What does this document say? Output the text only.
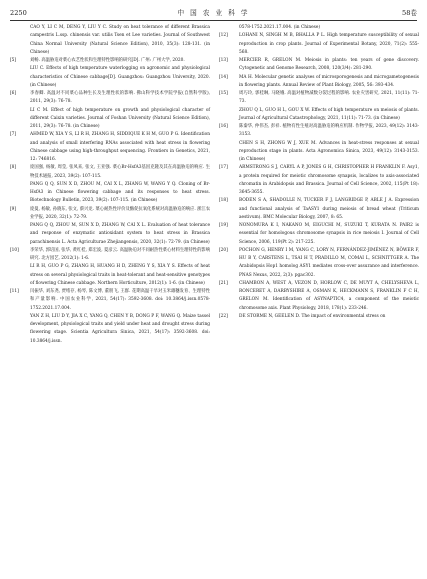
2250	中 国 农 业 科 学	58卷

CAO Y, LI C M, DENG Y, LIU Y C. Study on heat tolerance of different Brassica campestris L.ssp. chinensis var. utilis Tsen et Lee varieties. Journal of Southwest China Normal University (Natural Science Edition), 2010, 35(3): 128-131. (in Chinese)

[5]	刘畅. 高温胁迫对菜心农艺性状和生理特性影响的研究[D]. 广州: 广州大学, 2020.

LIU C. Effects of high temperature waterlogging on agronomic and physiological characteristics of Chinese cabbage[D]. Guangzhou: Guangzhou University, 2020. (in Chinese)

[6]	李春卿. 高温对不同菜心品种生长及生理性状的影响. 佛山科学技术学院学报(自然科学版), 2011, 29(3): 76-78.

LI C M. Effect of high temperature on growth and physiological character of different Caixin varieties. Journal of Foshan University (Natural Science Edition), 2011, 29(3): 76-78. (in Chinese)

[7]	AHMED W, XIA Y S, LI R H, ZHANG H, SIDDIQUE K H M, GUO P G. Identification and analysis of small interfering RNAs associated with heat stress in flowering Chinese cabbage using high-throughput sequencing. Frontiers in Genetics, 2021, 12: 746816.

[8]	庞国强, 杨敏, 周莹, 张凤来, 张文, 王亚强. 菜心Br-HsfA3基因克隆及其在高温胁迫的响应. 生物技术通报, 2023, 39(2): 107-115.

PANG Q Q, SUN X D, ZHOU M, CAI X L, ZHANG W, WANG Y Q. Cloning of Br-HsfA3 in Chinese flowering cabbage and its responses to heat stress. Biotechnology Bulletin, 2023, 39(2): 107-115. (in Chinese)

[9]	庞曼, 杨敏, 孙晓东, 张文, 蔡兴龙. 菜心耐热性评价及酶促抗氧化系统对高温胁迫的响应. 浙江农业学报, 2020, 32(1): 72-79.

PANG Q Q, ZHOU M, SUN X D, ZHANG W, CAI X L. Evaluation of heat tolerance and response of enzymatic antioxidant system to heat stress in Brassica parachinensis L. Acta Agriculturae Zhejiangensis, 2020, 32(1): 72-79. (in Chinese)

[10]	李荣华, 郭培国, 张华, 黄红桂, 郑宏波, 夏彦云. 高温胁迫对不同耐热性菜心材料生理特性的影响研究. 北方园艺, 2012(1): 1-6.

LI R H, GUO P G, ZHANG H, HUANG H D, ZHENG Y S, XIA Y S. Effects of heat stress on several physiological traits in heat-tolerant and heat-sensitive genotypes of flowering Chinese cabbage. Northern Horticulture, 2012(1): 1-6. (in Chinese)

[11]	闫振华, 刘东尧, 贾绪存, 杨琴, 陈文博, 董朋飞, 王群. 花期高温干旱对玉米雄穗发育、生理特性和产量影响. 中国农业科学, 2021, 54(17): 3592-3608. doi: 10.3864/j.issn.0578-1752.2021.17.004.

YAN Z H, LIU D Y, JIA X C, YANG Q, CHEN Y B, DONG P F, WANG Q. Maize tassel development, physiological traits and yield under heat and drought stress during flowering stage. Scientia Agricultura Sinica, 2021, 54(17): 3592-3608. doi: 10.3864/j.issn.

0578-1752.2021.17.004. (in Chinese)

[12]	LOHANI N, SINGH M B, BHALLA P L. High temperature susceptibility of sexual reproduction in crop plants. Journal of Experimental Botany, 2020, 71(2): 555-568.

[13]	MERCIER R, GRELON M. Meiosis in plants: ten years of gene discovery. Cytogenetic and Genome Research, 2008, 120(3/4): 281-290.

[14]	MA H. Molecular genetic analyses of microsporogenesis and microgametogenesis in flowering plants. Annual Review of Plant Biology, 2005, 56: 393-434.

[15]	周巧玲, 郭桂琳, 马晓娥. 高温对植物减数分裂过程的影响. 农业灾害研究, 2021, 11(11): 71-73.

ZHOU Q L, GUO H L, GOU X W. Effects of high temperature on meiosis of plants. Journal of Agricultural Catastrophology, 2021, 11(11): 71-73. (in Chinese)

[16]	陈秦华, 仲伟杰, 彭祥. 植物有性生殖对高温胁迫的响应机制. 作物学报, 2023, 49(12): 3143-3153.

CHEN S H, ZHONG W J, XUE M. Advances in heat-stress responses at sexual reproduction stage in plants. Acta Agronomica Sinica, 2023, 49(12): 3143-3153. (in Chinese)

[17]	ARMSTRONG S J, CARYL A P, JONES G H, CHRISTOPHER H FRANKLIN F. Asy1, a protein required for meiotic chromosome synapsis, localizes to axis-associated chromatin in Arabidopsis and Brassica. Journal of Cell Science, 2002, 115(Pt 18): 3645-3655.

[18]	BODEN S A, SHADOLLE N, TUCKER F J, LANGRIDGE P, ABLE J A. Expression and functional analysis of TaASY1 during meiosis of bread wheat (Triticum aestivum). BMC Molecular Biology, 2007, 8: 65.

[19]	NONOMURA K I, NAKANO M, EIGUCHI M, SUZUKI T, KURATA N. PAIR2 is essential for homologous chromosome synapsis in rice meiosis I. Journal of Cell Science, 2006, 119(Pt 2): 217-225.

[20]	POCHON G, HENRY I M, YANG C, LORY N, FERNÁNDEZ-JIMÉNEZ N, BÖWER F, HU B Y, CARSTENS L, TSAI H T, PRADILLO M, COMAI L, SCHNITTGER A. The Arabidopsis Hop1 homolog ASY1 mediates cross-over assurance and interference. PNAS Nexus, 2022, 2(3): pgac302.

[21]	CHAMBON A, WEST A, VEZON D, HORLOW C, DE MUYT A, CHELYSHEVA L, RONCERET A, DARBYSHIRE A, OSMAN K, HECKMANN S, FRANKLIN F C H, GRELON M. Identification of ASYNAPTIC4, a component of the meiotic chromosome axis. Plant Physiology, 2018, 178(1): 233-246.

[22]	DE STORME N, GEELEN D. The impact of environmental stress on
